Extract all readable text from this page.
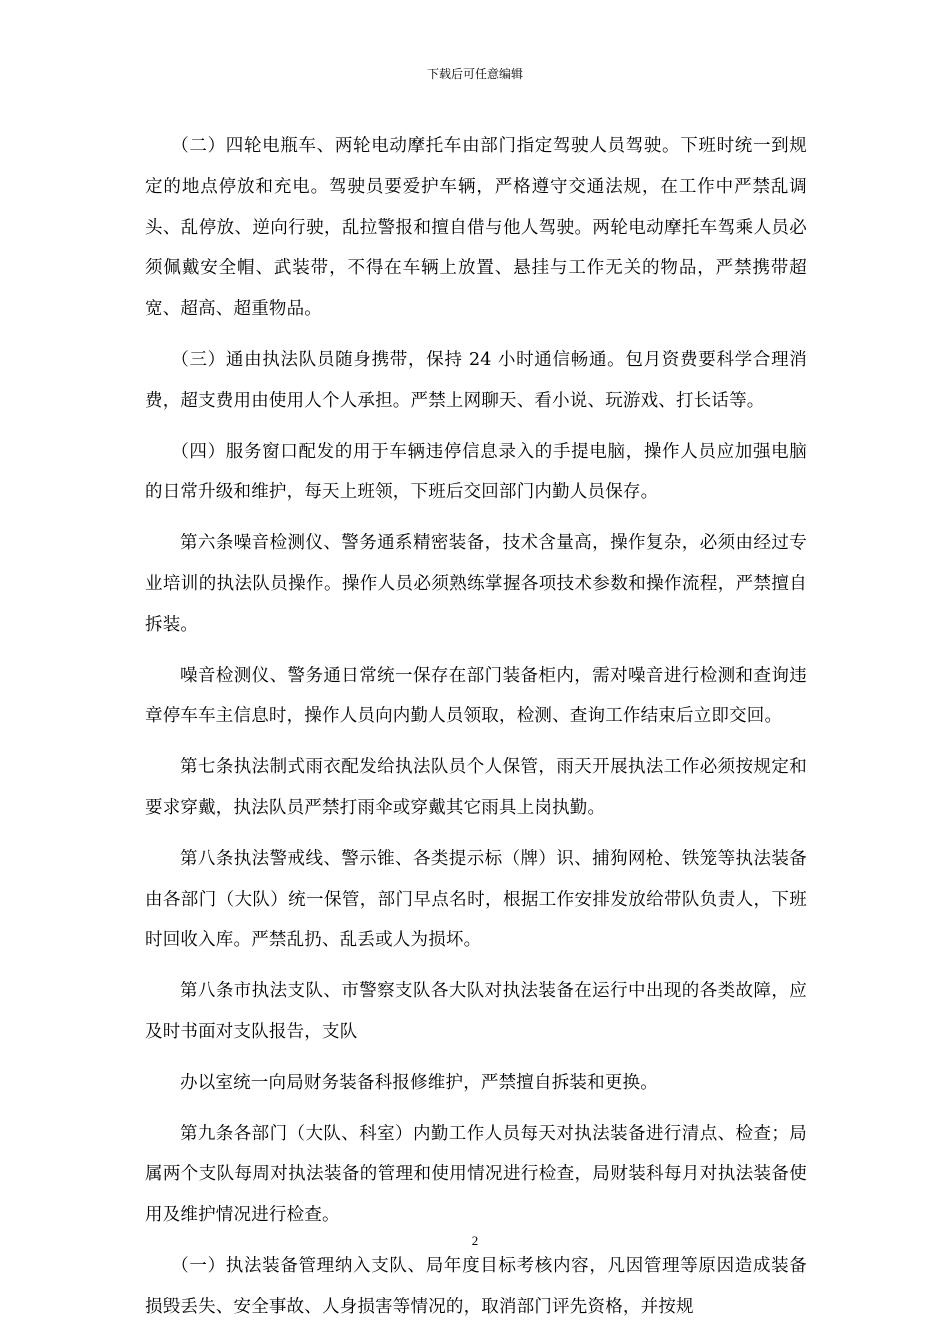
下载后可任意编辑

（二）四轮电瓶车、两轮电动摩托车由部门指定驾驶人员驾驶。下班时统一到规定的地点停放和充电。驾驶员要爱护车辆，严格遵守交通法规，在工作中严禁乱调头、乱停放、逆向行驶，乱拉警报和擅自借与他人驾驶。两轮电动摩托车驾乘人员必须佩戴安全帽、武装带，不得在车辆上放置、悬挂与工作无关的物品，严禁携带超宽、超高、超重物品。

（三）通由执法队员随身携带，保持 24 小时通信畅通。包月资费要科学合理消费，超支费用由使用人个人承担。严禁上网聊天、看小说、玩游戏、打长话等。

（四）服务窗口配发的用于车辆违停信息录入的手提电脑，操作人员应加强电脑的日常升级和维护，每天上班领，下班后交回部门内勤人员保存。

第六条噪音检测仪、警务通系精密装备，技术含量高，操作复杂，必须由经过专业培训的执法队员操作。操作人员必须熟练掌握各项技术参数和操作流程，严禁擅自拆装。

噪音检测仪、警务通日常统一保存在部门装备柜内，需对噪音进行检测和查询违章停车车主信息时，操作人员向内勤人员领取，检测、查询工作结束后立即交回。

第七条执法制式雨衣配发给执法队员个人保管，雨天开展执法工作必须按规定和要求穿戴，执法队员严禁打雨伞或穿戴其它雨具上岗执勤。

第八条执法警戒线、警示锥、各类提示标（牌）识、捕狗网枪、铁笼等执法装备由各部门（大队）统一保管，部门早点名时，根据工作安排发放给带队负责人，下班时回收入库。严禁乱扔、乱丢或人为损坏。

第八条市执法支队、市警察支队各大队对执法装备在运行中出现的各类故障，应及时书面对支队报告，支队

办以室统一向局财务装备科报修维护，严禁擅自拆装和更换。

第九条各部门（大队、科室）内勤工作人员每天对执法装备进行清点、检查；局属两个支队每周对执法装备的管理和使用情况进行检查，局财装科每月对执法装备使用及维护情况进行检查。

（一）执法装备管理纳入支队、局年度目标考核内容，凡因管理等原因造成装备损毁丢失、安全事故、人身损害等情况的，取消部门评先资格，并按规

2
